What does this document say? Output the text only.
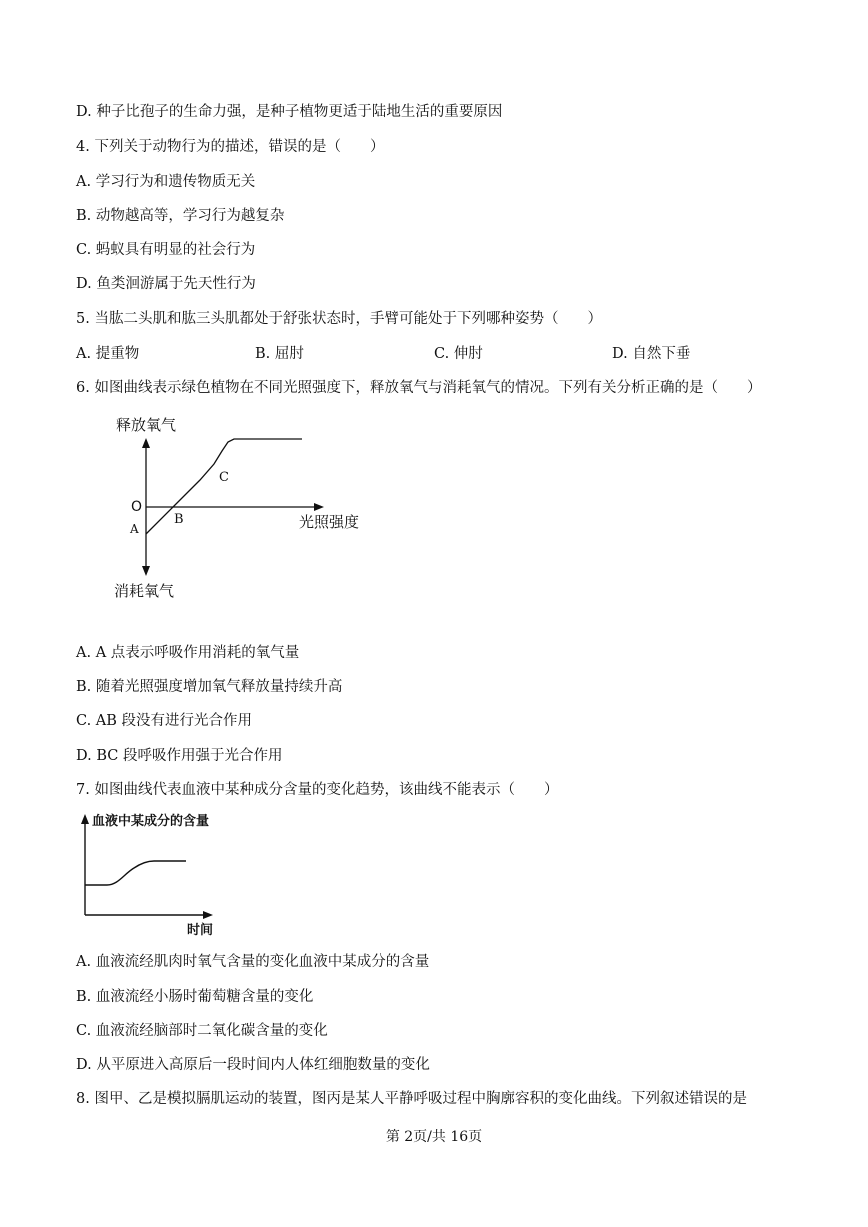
D. 种子比孢子的生命力强，是种子植物更适于陆地生活的重要原因
4. 下列关于动物行为的描述，错误的是（　　）
A. 学习行为和遗传物质无关
B. 动物越高等，学习行为越复杂
C. 蚂蚁具有明显的社会行为
D. 鱼类洄游属于先天性行为
5. 当肱二头肌和肱三头肌都处于舒张状态时，手臂可能处于下列哪种姿势（　　）
A. 提重物	B. 屈肘	C. 伸肘	D. 自然下垂
6. 如图曲线表示绿色植物在不同光照强度下，释放氧气与消耗氧气的情况。下列有关分析正确的是（　　）
释放氧气
消耗氧气
光照强度
O
A
B
C
A. A 点表示呼吸作用消耗的氧气量
B. 随着光照强度增加氧气释放量持续升高
C. AB 段没有进行光合作用
D. BC 段呼吸作用强于光合作用
7. 如图曲线代表血液中某种成分含量的变化趋势，该曲线不能表示（　　）
血液中某成分的含量
时间
A. 血液流经肌肉时氧气含量的变化血液中某成分的含量
B. 血液流经小肠时葡萄糖含量的变化
C. 血液流经脑部时二氧化碳含量的变化
D. 从平原进入高原后一段时间内人体红细胞数量的变化
8. 图甲、乙是模拟膈肌运动的装置，图丙是某人平静呼吸过程中胸廓容积的变化曲线。下列叙述错误的是
第 2页/共 16页
